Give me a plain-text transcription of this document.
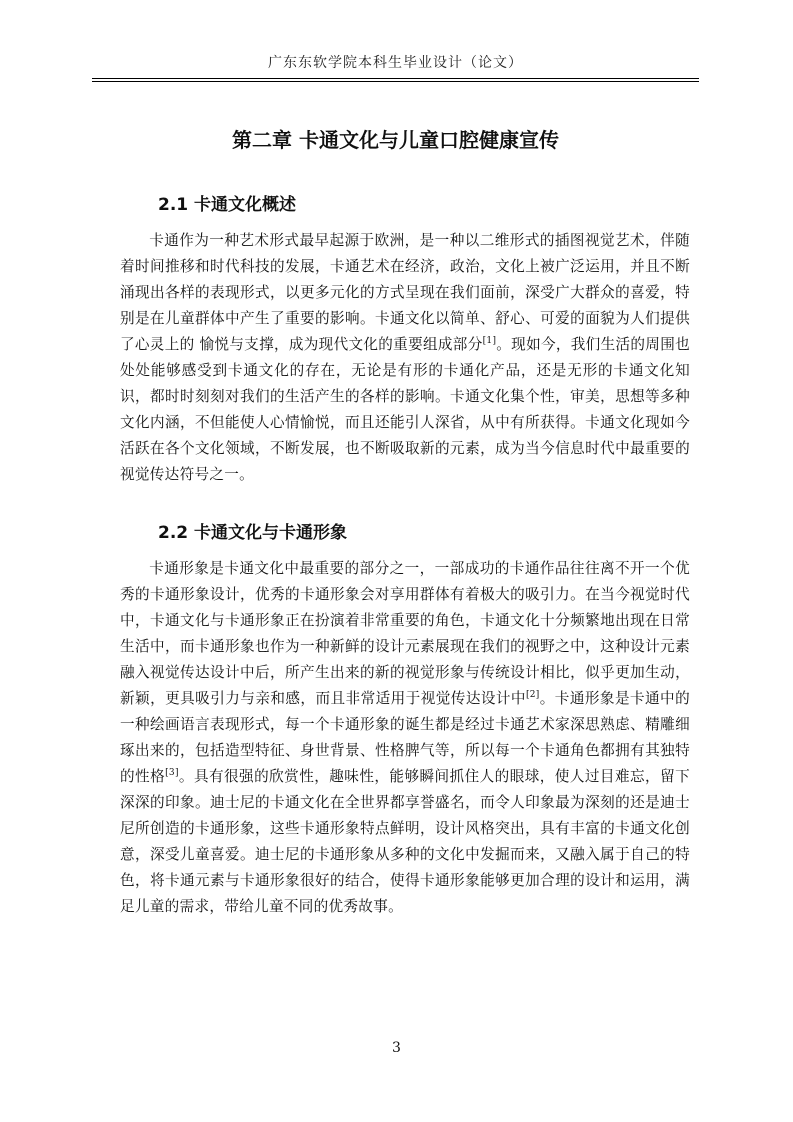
广东东软学院本科生毕业设计（论文）
第二章 卡通文化与儿童口腔健康宣传
2.1 卡通文化概述

卡通作为一种艺术形式最早起源于欧洲，是一种以二维形式的插图视觉艺术，伴随着时间推移和时代科技的发展，卡通艺术在经济，政治，文化上被广泛运用，并且不断涌现出各样的表现形式，以更多元化的方式呈现在我们面前，深受广大群众的喜爱，特别是在儿童群体中产生了重要的影响。卡通文化以简单、舒心、可爱的面貌为人们提供了心灵上的 愉悦与支撑，成为现代文化的重要组成部分[1]。现如今，我们生活的周围也处处能够感受到卡通文化的存在，无论是有形的卡通化产品，还是无形的卡通文化知识，都时时刻刻对我们的生活产生的各样的影响。卡通文化集个性，审美，思想等多种文化内涵，不但能使人心情愉悦，而且还能引人深省，从中有所获得。卡通文化现如今活跃在各个文化领域，不断发展，也不断吸取新的元素，成为当今信息时代中最重要的视觉传达符号之一。

2.2 卡通文化与卡通形象

卡通形象是卡通文化中最重要的部分之一，一部成功的卡通作品往往离不开一个优秀的卡通形象设计，优秀的卡通形象会对享用群体有着极大的吸引力。在当今视觉时代中，卡通文化与卡通形象正在扮演着非常重要的角色，卡通文化十分频繁地出现在日常生活中，而卡通形象也作为一种新鲜的设计元素展现在我们的视野之中，这种设计元素融入视觉传达设计中后，所产生出来的新的视觉形象与传统设计相比，似乎更加生动，新颖，更具吸引力与亲和感，而且非常适用于视觉传达设计中[2]。卡通形象是卡通中的一种绘画语言表现形式，每一个卡通形象的诞生都是经过卡通艺术家深思熟虑、精雕细琢出来的，包括造型特征、身世背景、性格脾气等，所以每一个卡通角色都拥有其独特的性格[3]。具有很强的欣赏性，趣味性，能够瞬间抓住人的眼球，使人过目难忘，留下深深的印象。迪士尼的卡通文化在全世界都享誉盛名，而令人印象最为深刻的还是迪士尼所创造的卡通形象，这些卡通形象特点鲜明，设计风格突出，具有丰富的卡通文化创意，深受儿童喜爱。迪士尼的卡通形象从多种的文化中发掘而来，又融入属于自己的特色，将卡通元素与卡通形象很好的结合，使得卡通形象能够更加合理的设计和运用，满足儿童的需求，带给儿童不同的优秀故事。

3
